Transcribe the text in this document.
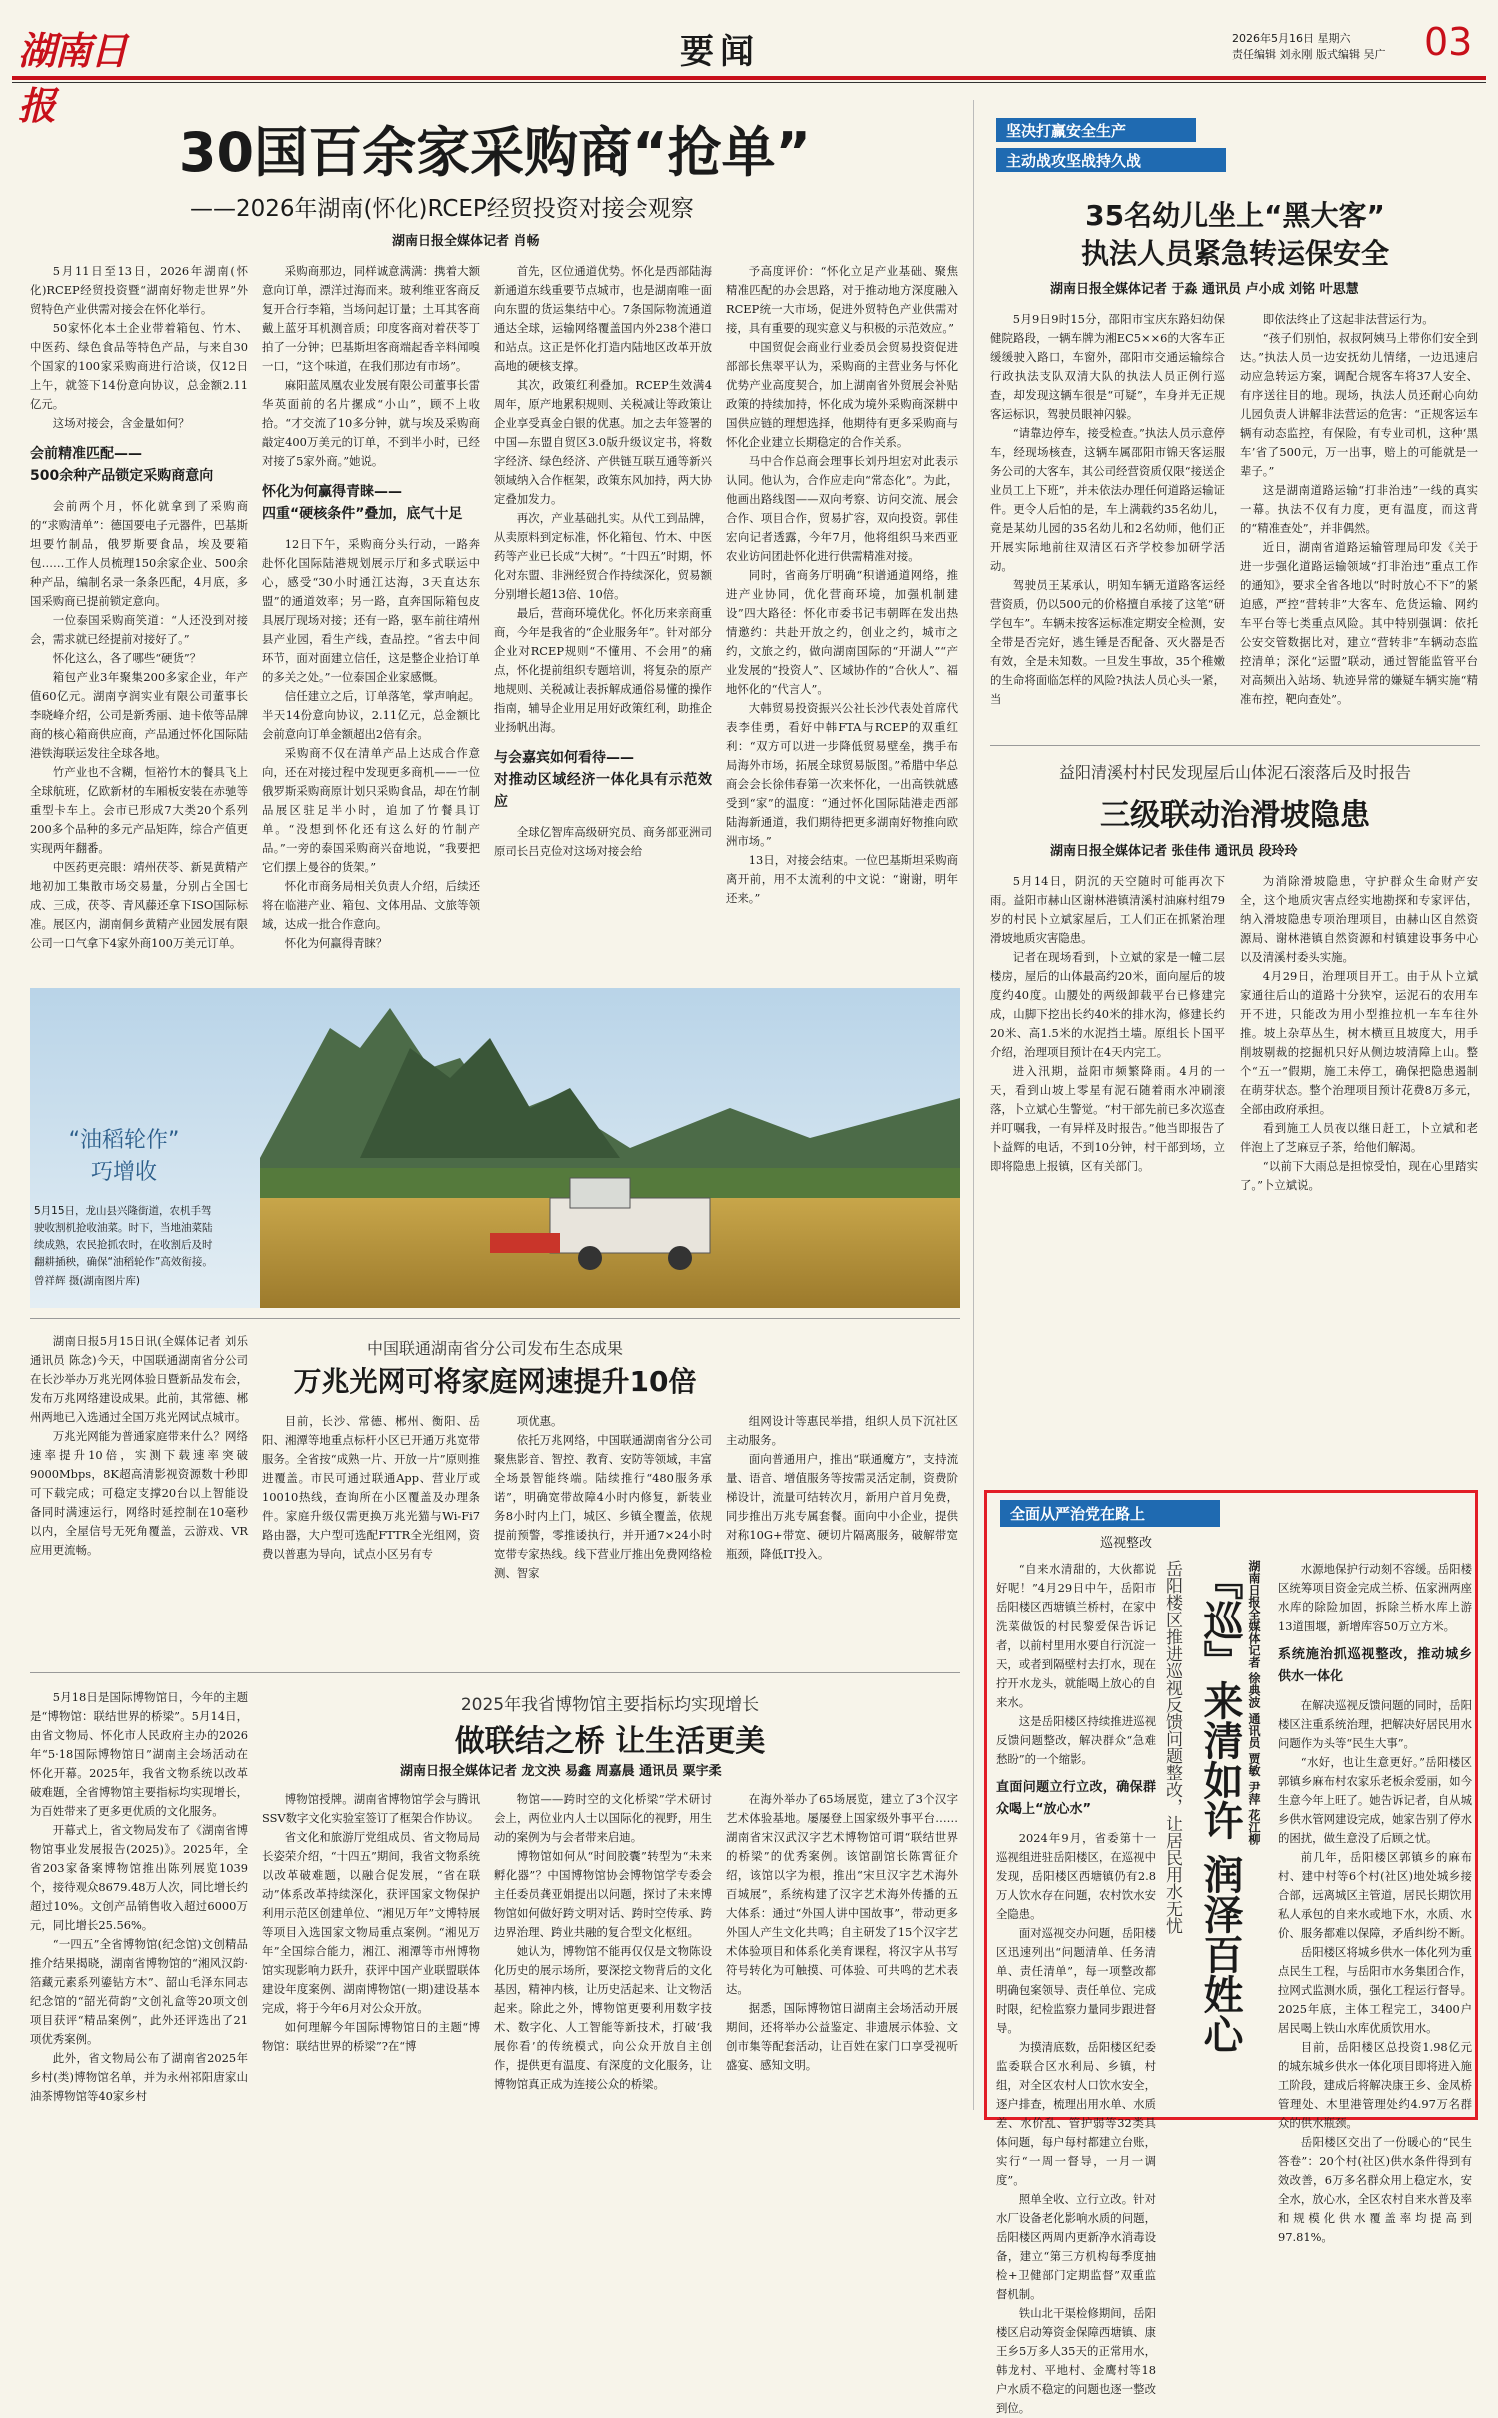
湖南日报
要闻	2026年5月16日 星期六
责任编辑 刘永刚 版式编辑 吴广 03
30国百余家采购商“抢单”
——2026年湖南(怀化)RCEP经贸投资对接会观察
湖南日报全媒体记者 肖畅

5月11日至13日，2026年湖南(怀化)RCEP经贸投资暨“湖南好物走世界”外贸特色产业供需对接会在怀化举行。

50家怀化本土企业带着箱包、竹木、中医药、绿色食品等特色产品，与来自30个国家的100家采购商进行洽谈，仅12日上午，就签下14份意向协议，总金额2.11亿元。

这场对接会，含金量如何？

会前精准匹配——
500余种产品锁定采购商意向

会前两个月，怀化就拿到了采购商的“求购清单”：德国要电子元器件，巴基斯坦要竹制品，俄罗斯要食品，埃及要箱包……工作人员梳理150余家企业、500余种产品，编制名录一条条匹配，4月底，多国采购商已提前锁定意向。

一位泰国采购商笑道：“人还没到对接会，需求就已经提前对接好了。”

怀化这么，各了哪些“硬货”？

箱包产业3年聚集200多家企业，年产值60亿元。湖南亨润实业有限公司董事长李晓峰介绍，公司是新秀丽、迪卡侬等品牌商的核心箱商供应商，产品通过怀化国际陆港铁海联运发往全球各地。

竹产业也不含糊，恒裕竹木的餐具飞上全球航班，亿欧新材的车厢板安装在赤驰等重型卡车上。会市已形成7大类20个系列200多个品种的多元产品矩阵，综合产值更实现两年翻番。

中医药更亮眼：靖州茯苓、新晃黄精产地初加工集散市场交易量，分别占全国七成、三成，茯苓、青风藤还拿下ISO国际标准。展区内，湖南侗乡黄精产业园发展有限公司一口气拿下4家外商100万美元订单。

采购商那边，同样诚意满满：携着大额意向订单，漂洋过海而来。玻利维亚客商反复开合行李箱，当场问起订量；土耳其客商戴上蓝牙耳机测音质；印度客商对着茯苓丁拍了一分钟；巴基斯坦客商端起香辛料闻嗅一口，“这个味道，在我们那边有市场”。

麻阳蓝凤凰农业发展有限公司董事长雷华英面前的名片摞成“小山”，顾不上收拾。“才交流了10多分钟，就与埃及采购商敲定400万美元的订单，不到半小时，已经对接了5家外商。”她说。

怀化为何赢得青睐——
四重“硬核条件”叠加，底气十足

12日下午，采购商分头行动，一路奔赴怀化国际陆港规划展示厅和多式联运中心，感受“30小时通江达海，3天直达东盟”的通道效率；另一路，直奔国际箱包皮具展厅现场对接；还有一路，驱车前往靖州县产业园，看生产线，查品控。“省去中间环节，面对面建立信任，这是整企业拾订单的多关之处。”一位泰国企业家感慨。

信任建立之后，订单落笔，掌声响起。半天14份意向协议，2.11亿元，总金额比会前意向订单金额超出2倍有余。

采购商不仅在清单产品上达成合作意向，还在对接过程中发现更多商机——一位俄罗斯采购商原计划只采购食品，却在竹制品展区驻足半小时，追加了竹餐具订单。“没想到怀化还有这么好的竹制产品。”一旁的泰国采购商兴奋地说，“我要把它们摆上曼谷的货架。”

怀化市商务局相关负责人介绍，后续还将在临港产业、箱包、文体用品、文旅等领域，达成一批合作意向。

怀化为何赢得青睐？

首先，区位通道优势。怀化是西部陆海新通道东线重要节点城市，也是湖南唯一面向东盟的货运集结中心。7条国际物流通道通达全球，运输网络覆盖国内外238个港口和站点。这正是怀化打造内陆地区改革开放高地的硬核支撑。

其次，政策红利叠加。RCEP生效满4周年，原产地累积规则、关税减让等政策让企业享受真金白银的优惠。加之去年签署的中国—东盟自贸区3.0版升级议定书，将数字经济、绿色经济、产供链互联互通等新兴领域纳入合作框架，政策东风加持，两大协定叠加发力。

再次，产业基础扎实。从代工到品牌，从卖原料到定标准，怀化箱包、竹木、中医药等产业已长成“大树”。“十四五”时期，怀化对东盟、非洲经贸合作持续深化，贸易额分别增长超13倍、10倍。

最后，营商环境优化。怀化历来亲商重商，今年是我省的“企业服务年”。针对部分企业对RCEP规则“不懂用、不会用”的痛点，怀化提前组织专题培训，将复杂的原产地规则、关税减让表拆解成通俗易懂的操作指南，辅导企业用足用好政策红利，助推企业扬帆出海。

与会嘉宾如何看待——
对推动区域经济一体化具有示范效应

全球亿智库高级研究员、商务部亚洲司原司长吕克俭对这场对接会给

予高度评价：“怀化立足产业基础、聚焦精准匹配的办会思路，对于推动地方深度融入RCEP统一大市场，促进外贸特色产业供需对接，具有重要的现实意义与积极的示范效应。”

中国贸促会商业行业委员会贸易投资促进部部长焦翠平认为，采购商的主营业务与怀化优势产业高度契合，加上湖南省外贸展会补贴政策的持续加持，怀化成为境外采购商深耕中国供应链的理想选择，他期待有更多采购商与怀化企业建立长期稳定的合作关系。

马中合作总商会理事长刘丹坦宏对此表示认同。他认为，合作应走向“常态化”。为此，他画出路线图——双向考察、访问交流、展会合作、项目合作，贸易扩容，双向投资。郭佳宏向记者透露，今年7月，他将组织马来西亚农业访问团赴怀化进行供需精准对接。

同时，省商务厅明确“积谱通道网络，推进产业协同，优化营商环境，加强机制建设”四大路径：怀化市委书记韦朝晖在发出热情邀约：共赴开放之约，创业之约，城市之约，文旅之约，做向湖南国际的“开湖人”“产业发展的“投资人”、区域协作的“合伙人”、福地怀化的“代言人”。

大韩贸易投资振兴公社长沙代表处首席代表李佳勇，看好中韩FTA与RCEP的双重红利：“双方可以进一步降低贸易壁垒，携手布局海外市场，拓展全球贸易版图。”希腊中华总商会会长徐伟春第一次来怀化，一出高铁就感受到“家”的温度：“通过怀化国际陆港走西部陆海新通道，我们期待把更多湖南好物推向欧洲市场。”

13日，对接会结束。一位巴基斯坦采购商离开前，用不太流利的中文说：“谢谢，明年还来。”

“油稻轮作”
巧增收
5月15日，龙山县兴隆街道，农机手驾驶收割机抢收油菜。时下，当地油菜陆续成熟，农民抢抓农时，在收割后及时翻耕插秧，确保“油稻轮作”高效衔接。
曾祥辉 摄(湖南图片库)
中国联通湖南省分公司发布生态成果
万兆光网可将家庭网速提升10倍

湖南日报5月15日讯(全媒体记者 刘乐 通讯员 陈念)今天，中国联通湖南省分公司在长沙举办万兆光网体验日暨新品发布会，发布万兆网络建设成果。此前，其常德、郴州两地已入选通过全国万兆光网试点城市。

万兆光网能为普通家庭带来什么？网络速率提升10倍，实测下载速率突破9000Mbps，8K超高清影视资源数十秒即可下载完成；可稳定支撑20台以上智能设备同时满速运行，网络时延控制在10毫秒以内，全屋信号无死角覆盖，云游戏、VR应用更流畅。

目前，长沙、常德、郴州、衡阳、岳阳、湘潭等地重点标杆小区已开通万兆宽带服务。全省按“成熟一片、开放一片”原则推进覆盖。市民可通过联通App、营业厅或10010热线，查询所在小区覆盖及办理条件。家庭升级仅需更换万兆光猫与Wi-Fi7路由器，大户型可选配FTTR全光组网，资费以普惠为导向，试点小区另有专

项优惠。

依托万兆网络，中国联通湖南省分公司聚焦影音、智控、教育、安防等领域，丰富全场景智能终端。陆续推行“480服务承诺”，明确宽带故障4小时内修复，新装业务8小时内上门，城区、乡镇全覆盖，依规提前预警，零推诿执行，并开通7×24小时宽带专家热线。线下营业厅推出免费网络检测、智家

组网设计等惠民举措，组织人员下沉社区主动服务。

面向普通用户，推出“联通魔方”，支持流量、语音、增值服务等按需灵活定制，资费阶梯设计，流量可结转次月，新用户首月免费，同步推出万兆专属套餐。面向中小企业，提供对称10G+带宽、硬切片隔离服务，破解带宽瓶颈，降低IT投入。

2025年我省博物馆主要指标均实现增长
做联结之桥 让生活更美
湖南日报全媒体记者 龙文泱 易鑫 周嘉晨 通讯员 粟宇柔

5月18日是国际博物馆日，今年的主题是“博物馆：联结世界的桥梁”。5月14日，由省文物局、怀化市人民政府主办的2026年“5·18国际博物馆日”湖南主会场活动在怀化开幕。2025年，我省文物系统以改革破难题，全省博物馆主要指标均实现增长，为百姓带来了更多更优质的文化服务。

开幕式上，省文物局发布了《湖南省博物馆事业发展报告(2025)》。2025年，全省203家备案博物馆推出陈列展览1039个，接待观众8679.48万人次，同比增长约超过10%。文创产品销售收入超过6000万元，同比增长25.56%。

“一四五”全省博物馆(纪念馆)文创精品推介结果揭晓，湖南省博物馆的“湘风汉韵·箔藏元素系列鎏钻方木”、韶山毛泽东同志纪念馆的“韶光荷韵”文创礼盒等20项文创项目获评“精品案例”，此外还评选出了21项优秀案例。

此外，省文物局公布了湖南省2025年乡村(类)博物馆名单，并为永州祁阳唐家山油茶博物馆等40家乡村

博物馆授牌。湖南省博物馆学会与腾讯SSV数字文化实验室签订了框架合作协议。

省文化和旅游厅党组成员、省文物局局长姿荣介绍，“十四五”期间，我省文物系统以改革破难题，以融合促发展，“省在联动”体系改革持续深化，获评国家文物保护利用示范区创建单位、“湘见万年”文博特展等项目入选国家文物局重点案例。“湘见万年”全国综合能力，湘江、湘潭等市州博物馆实现影响力跃升，获评中国产业联盟联体建设年度案例、湖南博物馆(一期)建设基本完成，将于今年6月对公众开放。

如何理解今年国际博物馆日的主题“博物馆：联结世界的桥梁”?在“博

物馆——跨时空的文化桥梁”学术研讨会上，两位业内人士以国际化的视野，用生动的案例为与会者带来启迪。

博物馆如何从“时间胶囊”转型为“未来孵化器”？中国博物馆协会博物馆学专委会主任委员龚亚娟提出以问题，探讨了未来博物馆如何做好跨文明对话、跨时空传承、跨边界治理、跨业共融的复合型文化枢纽。

她认为，博物馆不能再仅仅是文物陈设化历史的展示场所，要深挖文物背后的文化基因，精神内核，让历史活起来、让文物活起来。除此之外，博物馆更要利用数字技术、数字化、人工智能等新技术，打破‘我展你看’的传统模式，向公众开放自主创作，提供更有温度、有深度的文化服务，让博物馆真正成为连接公众的桥梁。

在海外举办了65场展览，建立了3个汉字艺术体验基地。屡屡登上国家级外事平台……湖南省宋汉武汉字艺术博物馆可谓“联结世界的桥梁”的优秀案例。该馆副馆长陈霄征介绍，该馆以字为根，推出“宋旦汉字艺术海外百城展”，系统构建了汉字艺术海外传播的五大体系：通过“外国人讲中国故事”，带动更多外国人产生文化共鸣；自主研发了15个汉字艺术体验项目和体系化美育课程，将汉字从书写符号转化为可触摸、可体验、可共鸣的艺术表达。

据悉，国际博物馆日湖南主会场活动开展期间，还将举办公益鉴定、非遗展示体验、文创市集等配套活动，让百姓在家门口享受视听盛宴、感知文明。

坚决打赢安全生产
主动战攻坚战持久战
35名幼儿坐上“黑大客”
执法人员紧急转运保安全
湖南日报全媒体记者 于淼 通讯员 卢小成 刘铭 叶思慧

5月9日9时15分，邵阳市宝庆东路妇幼保健院路段，一辆车牌为湘EC5××6的大客车正缓缓驶入路口，车窗外，邵阳市交通运输综合行政执法支队双清大队的执法人员正例行巡查，却发现这辆车很是“可疑”，车身并无正规客运标识，驾驶员眼神闪躲。

“请靠边停车，接受检查。”执法人员示意停车，经现场核查，这辆车属邵阳市锦天客运服务公司的大客车，其公司经营资质仅限“接送企业员工上下班”，并未依法办理任何道路运输证件。更令人后怕的是，车上满载约35名幼儿，竟是某幼儿园的35名幼儿和2名幼师，他们正开展实际地前往双清区石齐学校参加研学活动。

驾驶员王某承认，明知车辆无道路客运经营资质，仍以500元的价格擅自承接了这笔“研学包车”。车辆未按客运标准定期安全检测，安全带是否完好，逃生锤是否配备、灭火器是否有效，全是未知数。一旦发生事故，35个稚嫩的生命将面临怎样的风险?执法人员心头一紧，当

即依法终止了这起非法营运行为。

“孩子们别怕，叔叔阿姨马上带你们安全到达。”执法人员一边安抚幼儿情绪，一边迅速启动应急转运方案，调配合规客车将37人安全、有序送往目的地。现场，执法人员还耐心向幼儿园负责人讲解非法营运的危害：“正规客运车辆有动态监控，有保险，有专业司机，这种‘黑车’省了500元，万一出事，赔上的可能就是一辈子。”

这是湖南道路运输“打非治违”一线的真实一幕。执法不仅有力度，更有温度，而这背的“精准查处”，并非偶然。

近日，湖南省道路运输管理局印发《关于进一步强化道路运输领域“打非治违”重点工作的通知》，要求全省各地以“时时放心不下”的紧迫感，严控“营转非”大客车、危货运输、网约车平台等七类重点风险。其中特别强调：依托公安交管数据比对，建立“营转非”车辆动态监控清单；深化“运盟”联动，通过智能监管平台对高频出入站场、轨迹异常的嫌疑车辆实施“精准布控，靶向查处”。

益阳清溪村村民发现屋后山体泥石滚落后及时报告
三级联动治滑坡隐患
湖南日报全媒体记者 张佳伟 通讯员 段玲玲

5月14日，阴沉的天空随时可能再次下雨。益阳市赫山区谢林港镇清溪村油麻村组79岁的村民卜立斌家屋后，工人们正在抓紧治理滑坡地质灾害隐患。

记者在现场看到，卜立斌的家是一幢二层楼房，屋后的山体最高约20米，面向屋后的坡度约40度。山腰处的两级卸载平台已修建完成，山脚下挖出长约40米的排水沟，修建长约20米、高1.5米的水泥挡土墙。原组长卜国平介绍，治理项目预计在4天内完工。

进入汛期，益阳市频繁降雨。4月的一天，看到山坡上零星有泥石随着雨水冲刷滚落，卜立斌心生警觉。“村干部先前已多次巡查并叮嘱我，一有异样及时报告。”他当即报告了卜益辉的电话，不到10分钟，村干部到场，立即将隐患上报镇，区有关部门。

为消除滑坡隐患，守护群众生命财产安全，这个地质灾害点经实地勘探和专家评估，纳入滑坡隐患专项治理项目，由赫山区自然资源局、谢林港镇自然资源和村镇建设事务中心以及清溪村委头实施。

4月29日，治理项目开工。由于从卜立斌家通往后山的道路十分狭窄，运泥石的农用车开不进，只能改为用小型推拉机一车车往外推。坡上杂草丛生，树木横亘且坡度大，用手削坡剔裁的挖掘机只好从侧边坡清障上山。整个“五一”假期，施工未停工，确保把隐患遏制在萌芽状态。整个治理项目预计花费8万多元，全部由政府承担。

看到施工人员夜以继日赶工，卜立斌和老伴泡上了芝麻豆子茶，给他们解渴。

“以前下大雨总是担惊受怕，现在心里踏实了。”卜立斌说。

全面从严治党在路上
巡视整改

“自来水清甜的，大伙都说好呢！”4月29日中午，岳阳市岳阳楼区西塘镇兰桥村，在家中洗菜做饭的村民黎爱保告诉记者，以前村里用水要自行沉淀一天，或者到隔壁村去打水，现在拧开水龙头，就能喝上放心的自来水。

这是岳阳楼区持续推进巡视反馈问题整改，解决群众“急难愁盼”的一个缩影。

直面问题立行立改，确保群众喝上“放心水”

2024年9月，省委第十一巡视组进驻岳阳楼区，在巡视中发现，岳阳楼区西塘镇仍有2.8万人饮水存在问题，农村饮水安全隐患。

面对巡视交办问题，岳阳楼区迅速列出“问题清单、任务清单、责任清单”，每一项整改都明确包案领导、责任单位、完成时限，纪检监察力量同步跟进督导。

为摸清底数，岳阳楼区纪委监委联合区水利局、乡镇，村组，对全区农村人口饮水安全，逐户排查，梳理出用水单、水质差、水价乱、管护弱等32类具体问题，每户每村都建立台账，实行“一周一督导，一月一调度”。

照单全收、立行立改。针对水厂设备老化影响水质的问题，岳阳楼区两周内更新净水消毒设备，建立“第三方机构每季度抽检+卫健部门定期监督”双重监督机制。

铁山北干渠检修期间，岳阳楼区启动筹资金保障西塘镇、康王乡5万多人35天的正常用水，韩龙村、平地村、金鹰村等18户水质不稳定的问题也逐一整改到位。

岳阳楼区推进巡视反馈问题整改，让居民用水无忧 『巡』来清如许 润泽百姓心 湖南日报全媒体记者 徐典波 通讯员 贾敏 尹萍 花江柳	水源地保护行动刻不容缓。岳阳楼区统筹项目资金完成兰桥、伍家洲两座水库的除险加固，拆除兰桥水库上游13道围堰，新增库容50万立方米。

系统施治抓巡视整改，推动城乡供水一体化

在解决巡视反馈问题的同时，岳阳楼区注重系统治理，把解决好居民用水问题作为头等“民生大事”。

“水好，也让生意更好。”岳阳楼区郭镇乡麻布村农家乐老板余爱丽，如今生意今年上旺了。她告诉记者，自从城乡供水管网建设完成，她家告别了停水的困扰，做生意没了后顾之忧。

前几年，岳阳楼区郭镇乡的麻布村、建中村等6个村(社区)地处城乡接合部，远离城区主管道，居民长期饮用私人承包的自来水或地下水，水质、水价、服务都难以保障，矛盾纠纷不断。

岳阳楼区将城乡供水一体化列为重点民生工程，与岳阳市水务集团合作，拉网式监测水质，强化工程运行督导。2025年底，主体工程完工，3400户居民喝上铁山水库优质饮用水。

目前，岳阳楼区总投资1.98亿元的城东城乡供水一体化项目即将进入施工阶段，建成后将解决康王乡、金凤桥管理处、木里港管理处约4.97万名群众的供水瓶颈。

岳阳楼区交出了一份暖心的“民生答卷”：20个村(社区)供水条件得到有效改善，6万多名群众用上稳定水，安全水，放心水，全区农村自来水普及率和规模化供水覆盖率均提高到97.81%。
